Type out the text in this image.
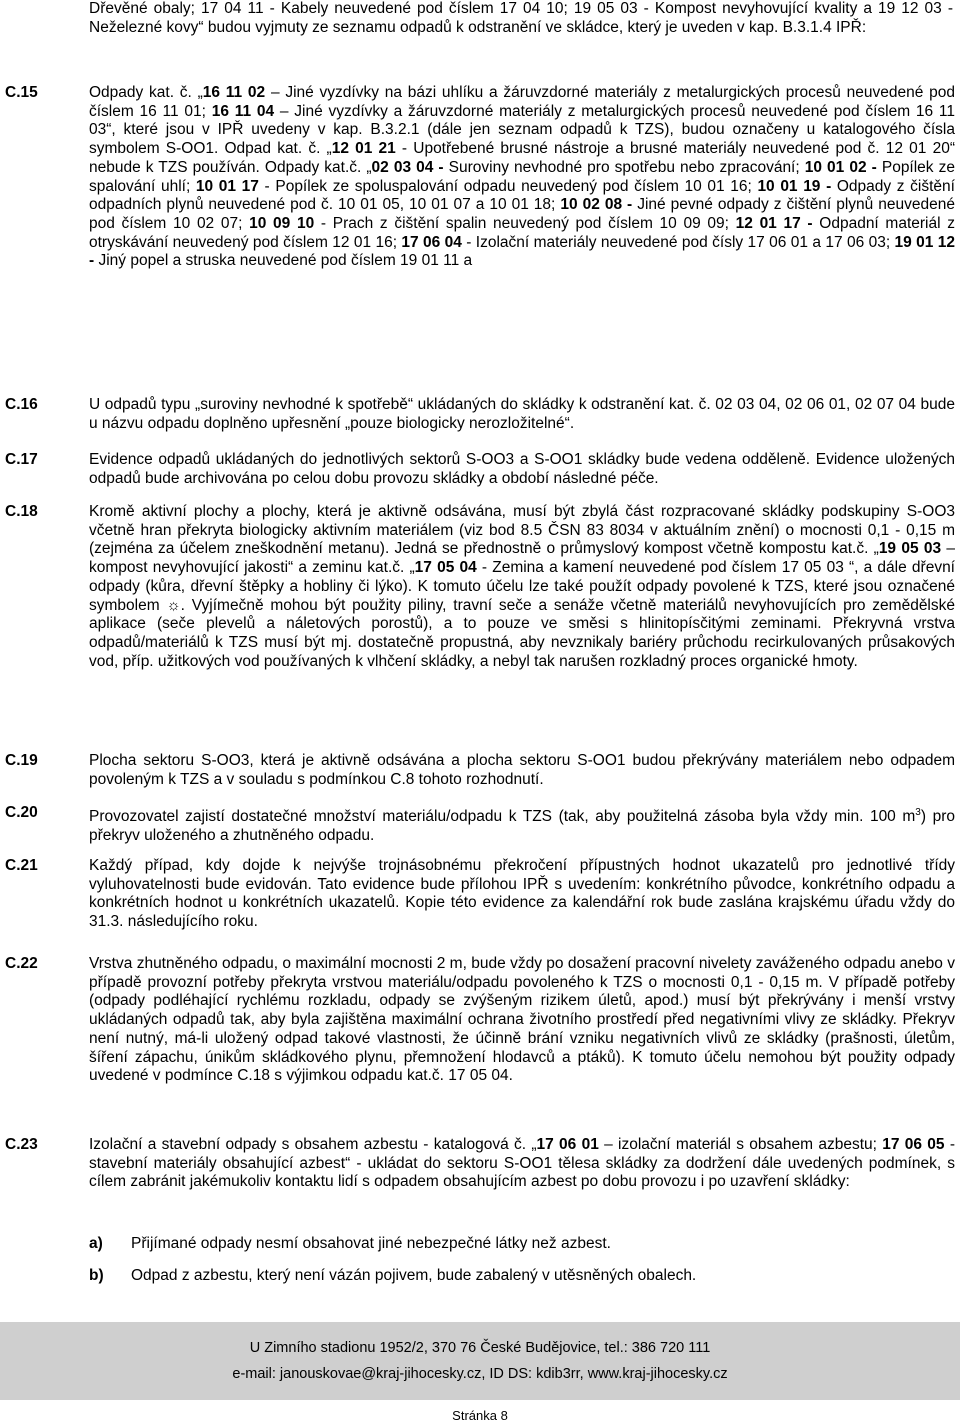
Dřevěné obaly; 17 04 11 - Kabely neuvedené pod číslem 17 04 10; 19 05 03 - Kompost nevyhovující kvality a 19 12 03 - Neželezné kovy“ budou vyjmuty ze seznamu odpadů k odstranění ve skládce, který je uveden v kap. B.3.1.4 IPŘ:
C.15	Odpady kat. č. „16 11 02 – Jiné vyzdívky na bázi uhlíku a žáruvzdorné materiály z metalurgických procesů neuvedené pod číslem 16 11 01; 16 11 04 – Jiné vyzdívky a žáruvzdorné materiály z metalurgických procesů neuvedené pod číslem 16 11 03“, které jsou v IPŘ uvedeny v kap. B.3.2.1 (dále jen seznam odpadů k TZS), budou označeny u katalogového čísla symbolem S-OO1. Odpad kat. č. „12 01 21 - Upotřebené brusné nástroje a brusné materiály neuvedené pod č. 12 01 20“ nebude k TZS používán. Odpady kat.č. „02 03 04 - Suroviny nevhodné pro spotřebu nebo zpracování; 10 01 02 - Popílek ze spalování uhlí; 10 01 17 - Popílek ze spoluspalování odpadu neuvedený pod číslem 10 01 16; 10 01 19 - Odpady z čištění odpadních plynů neuvedené pod č. 10 01 05, 10 01 07 a 10 01 18; 10 02 08 - Jiné pevné odpady z čištění plynů neuvedené pod číslem 10 02 07; 10 09 10 - Prach z čištění spalin neuvedený pod číslem 10 09 09; 12 01 17 - Odpadní materiál z otryskávání neuvedený pod číslem 12 01 16; 17 06 04 - Izolační materiály neuvedené pod čísly 17 06 01 a 17 06 03; 19 01 12 - Jiný popel a struska neuvedené pod číslem 19 01 11 a
C.16	U odpadů typu „suroviny nevhodné k spotřebě“ ukládaných do skládky k odstranění kat. č. 02 03 04, 02 06 01, 02 07 04 bude u názvu odpadu doplněno upřesnění „pouze biologicky nerozložitelné“.
C.17	Evidence odpadů ukládaných do jednotlivých sektorů S-OO3 a S-OO1 skládky bude vedena odděleně. Evidence uložených odpadů bude archivována po celou dobu provozu skládky a období následné péče.
C.18	Kromě aktivní plochy a plochy, která je aktivně odsávána, musí být zbylá část rozpracované skládky podskupiny S-OO3 včetně hran překryta biologicky aktivním materiálem (viz bod 8.5 ČSN 83 8034 v aktuálním znění) o mocnosti 0,1 - 0,15 m (zejména za účelem zneškodnění metanu). Jedná se přednostně o průmyslový kompost včetně kompostu kat.č. „19 05 03 – kompost nevyhovující jakosti“ a zeminu kat.č. „17 05 04 - Zemina a kamení neuvedené pod číslem 17 05 03 “, a dále dřevní odpady (kůra, dřevní štěpky a hobliny či lýko). K tomuto účelu lze také použít odpady povolené k TZS, které jsou označené symbolem ☼. Vyjímečně mohou být použity piliny, travní seče a senáže včetně materiálů nevyhovujících pro zemědělské aplikace (seče plevelů a náletových porostů), a to pouze ve směsi s hlinitopísčitými zeminami. Překryvná vrstva odpadů/materiálů k TZS musí být mj. dostatečně propustná, aby nevznikaly bariéry průchodu recirkulovaných průsakových vod, příp. užitkových vod používaných k vlhčení skládky, a nebyl tak narušen rozkladný proces organické hmoty.
C.19	Plocha sektoru S-OO3, která je aktivně odsávána a plocha sektoru S-OO1 budou překrývány materiálem nebo odpadem povoleným k TZS a v souladu s podmínkou C.8 tohoto rozhodnutí.
C.20	Provozovatel zajistí dostatečné množství materiálu/odpadu k TZS (tak, aby použitelná zásoba byla vždy min. 100 $m^3$) pro překryv uloženého a zhutněného odpadu.
C.21	Každý případ, kdy dojde k nejvýše trojnásobnému překročení přípustných hodnot ukazatelů pro jednotlivé třídy vyluhovatelnosti bude evidován. Tato evidence bude přílohou IPŘ s uvedením: konkrétního původce, konkrétního odpadu a konkrétních hodnot u konkrétních ukazatelů. Kopie této evidence za kalendářní rok bude zaslána krajskému úřadu vždy do 31.3. následujícího roku.
C.22	Vrstva zhutněného odpadu, o maximální mocnosti 2 m, bude vždy po dosažení pracovní nivelety zaváženého odpadu anebo v případě provozní potřeby překryta vrstvou materiálu/odpadu povoleného k TZS o mocnosti 0,1 - 0,15 m. V případě potřeby (odpady podléhající rychlému rozkladu, odpady se zvýšeným rizikem úletů, apod.) musí být překrývány i menší vrstvy ukládaných odpadů tak, aby byla zajištěna maximální ochrana životního prostředí před negativními vlivy ze skládky. Překryv není nutný, má-li uložený odpad takové vlastnosti, že účinně brání vzniku negativních vlivů ze skládky (prašnosti, úletům, šíření zápachu, únikům skládkového plynu, přemnožení hlodavců a ptáků). K tomuto účelu nemohou být použity odpady uvedené v podmínce C.18 s výjimkou odpadu kat.č. 17 05 04.
C.23	Izolační a stavební odpady s obsahem azbestu - katalogová č. „17 06 01 – izolační materiál s obsahem azbestu; 17 06 05 - stavební materiály obsahující azbest“ - ukládat do sektoru S-OO1 tělesa skládky za dodržení dále uvedených podmínek, s cílem zabránit jakémukoliv kontaktu lidí s odpadem obsahujícím azbest po dobu provozu i po uzavření skládky:
a) Přijímané odpady nesmí obsahovat jiné nebezpečné látky než azbest.
b) Odpad z azbestu, který není vázán pojivem, bude zabalený v utěsněných obalech.
U Zimního stadionu 1952/2, 370 76 České Budějovice, tel.: 386 720 111
e-mail: janouskovae@kraj-jihocesky.cz, ID DS: kdib3rr, www.kraj-jihocesky.cz
Stránka 8
